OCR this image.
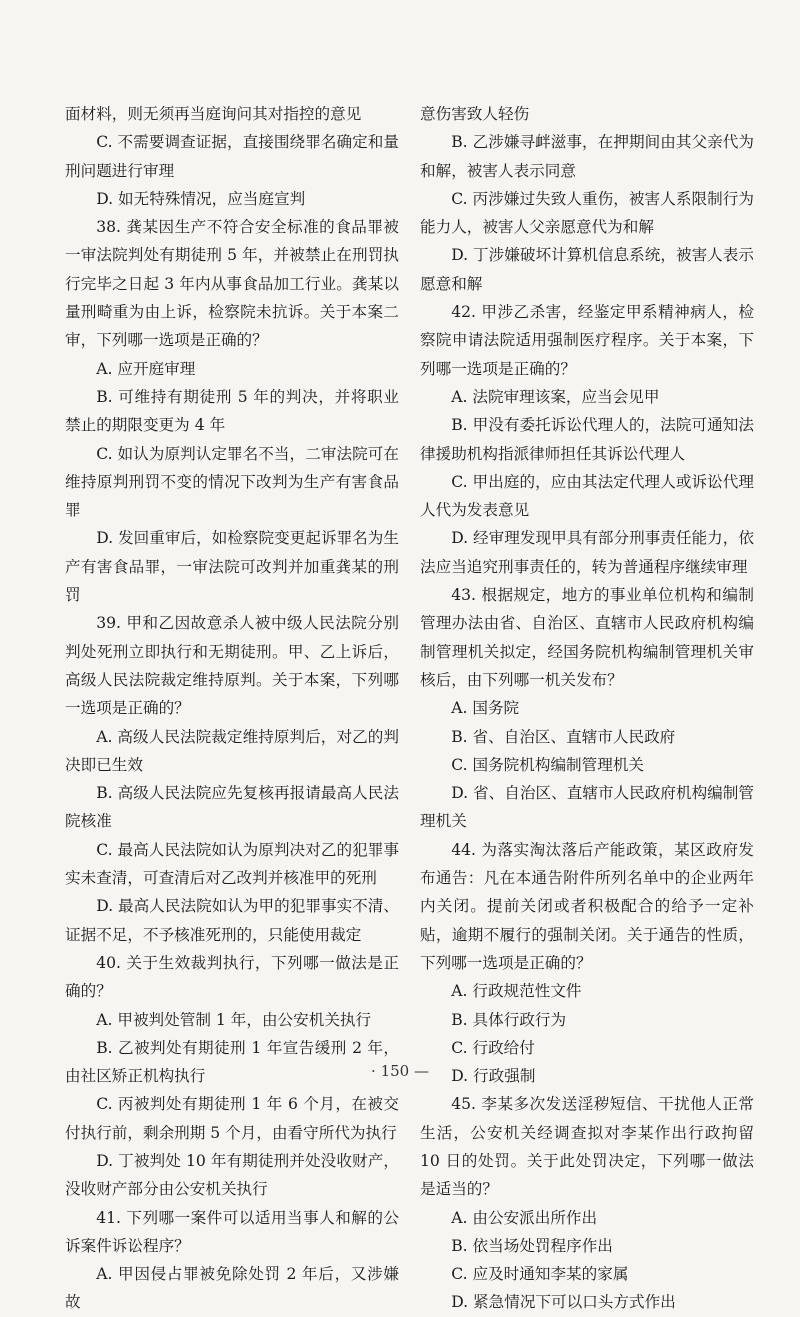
面材料，则无须再当庭询问其对指控的意见

C. 不需要调查证据，直接围绕罪名确定和量刑问题进行审理

D. 如无特殊情况，应当庭宣判

38. 龚某因生产不符合安全标准的食品罪被一审法院判处有期徒刑 5 年，并被禁止在刑罚执行完毕之日起 3 年内从事食品加工行业。龚某以量刑畸重为由上诉，检察院未抗诉。关于本案二审，下列哪一选项是正确的？

A. 应开庭审理

B. 可维持有期徒刑 5 年的判决，并将职业禁止的期限变更为 4 年

C. 如认为原判认定罪名不当，二审法院可在维持原判刑罚不变的情况下改判为生产有害食品罪

D. 发回重审后，如检察院变更起诉罪名为生产有害食品罪，一审法院可改判并加重龚某的刑罚

39. 甲和乙因故意杀人被中级人民法院分别判处死刑立即执行和无期徒刑。甲、乙上诉后，高级人民法院裁定维持原判。关于本案，下列哪一选项是正确的？

A. 高级人民法院裁定维持原判后，对乙的判决即已生效

B. 高级人民法院应先复核再报请最高人民法院核准

C. 最高人民法院如认为原判决对乙的犯罪事实未查清，可查清后对乙改判并核准甲的死刑

D. 最高人民法院如认为甲的犯罪事实不清、证据不足，不予核准死刑的，只能使用裁定

40. 关于生效裁判执行，下列哪一做法是正确的？

A. 甲被判处管制 1 年，由公安机关执行

B. 乙被判处有期徒刑 1 年宣告缓刑 2 年，由社区矫正机构执行

C. 丙被判处有期徒刑 1 年 6 个月，在被交付执行前，剩余刑期 5 个月，由看守所代为执行

D. 丁被判处 10 年有期徒刑并处没收财产，没收财产部分由公安机关执行

41. 下列哪一案件可以适用当事人和解的公诉案件诉讼程序？

A. 甲因侵占罪被免除处罚 2 年后，又涉嫌故

意伤害致人轻伤

B. 乙涉嫌寻衅滋事，在押期间由其父亲代为和解，被害人表示同意

C. 丙涉嫌过失致人重伤，被害人系限制行为能力人，被害人父亲愿意代为和解

D. 丁涉嫌破坏计算机信息系统，被害人表示愿意和解

42. 甲涉乙杀害，经鉴定甲系精神病人，检察院申请法院适用强制医疗程序。关于本案，下列哪一选项是正确的？

A. 法院审理该案，应当会见甲

B. 甲没有委托诉讼代理人的，法院可通知法律援助机构指派律师担任其诉讼代理人

C. 甲出庭的，应由其法定代理人或诉讼代理人代为发表意见

D. 经审理发现甲具有部分刑事责任能力，依法应当追究刑事责任的，转为普通程序继续审理

43. 根据规定，地方的事业单位机构和编制管理办法由省、自治区、直辖市人民政府机构编制管理机关拟定，经国务院机构编制管理机关审核后，由下列哪一机关发布？

A. 国务院

B. 省、自治区、直辖市人民政府

C. 国务院机构编制管理机关

D. 省、自治区、直辖市人民政府机构编制管理机关

44. 为落实淘汰落后产能政策，某区政府发布通告：凡在本通告附件所列名单中的企业两年内关闭。提前关闭或者积极配合的给予一定补贴，逾期不履行的强制关闭。关于通告的性质，下列哪一选项是正确的？

A. 行政规范性文件

B. 具体行政行为

C. 行政给付

D. 行政强制

45. 李某多次发送淫秽短信、干扰他人正常生活，公安机关经调查拟对李某作出行政拘留 10 日的处罚。关于此处罚决定，下列哪一做法是适当的？

A. 由公安派出所作出

B. 依当场处罚程序作出

C. 应及时通知李某的家属

D. 紧急情况下可以口头方式作出

· 150 —
